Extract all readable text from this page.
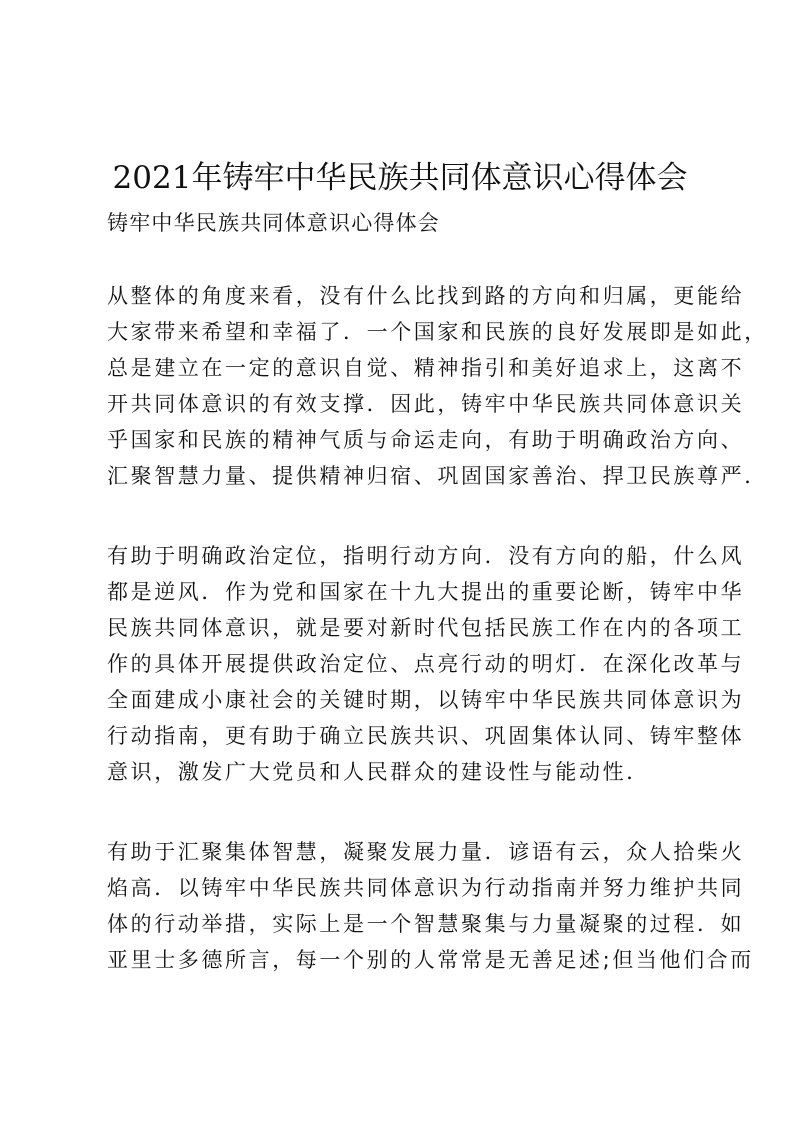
2021年铸牢中华民族共同体意识心得体会
铸牢中华民族共同体意识心得体会
从整体的角度来看，没有什么比找到路的方向和归属，更能给
大家带来希望和幸福了．一个国家和民族的良好发展即是如此，
总是建立在一定的意识自觉、精神指引和美好追求上，这离不
开共同体意识的有效支撑．因此，铸牢中华民族共同体意识关
乎国家和民族的精神气质与命运走向，有助于明确政治方向、
汇聚智慧力量、提供精神归宿、巩固国家善治、捍卫民族尊严．
有助于明确政治定位，指明行动方向．没有方向的船，什么风
都是逆风．作为党和国家在十九大提出的重要论断，铸牢中华
民族共同体意识，就是要对新时代包括民族工作在内的各项工
作的具体开展提供政治定位、点亮行动的明灯．在深化改革与
全面建成小康社会的关键时期，以铸牢中华民族共同体意识为
行动指南，更有助于确立民族共识、巩固集体认同、铸牢整体
意识，激发广大党员和人民群众的建设性与能动性．
有助于汇聚集体智慧，凝聚发展力量．谚语有云，众人拾柴火
焰高．以铸牢中华民族共同体意识为行动指南并努力维护共同
体的行动举措，实际上是一个智慧聚集与力量凝聚的过程．如
亚里士多德所言，每一个别的人常常是无善足述;但当他们合而
